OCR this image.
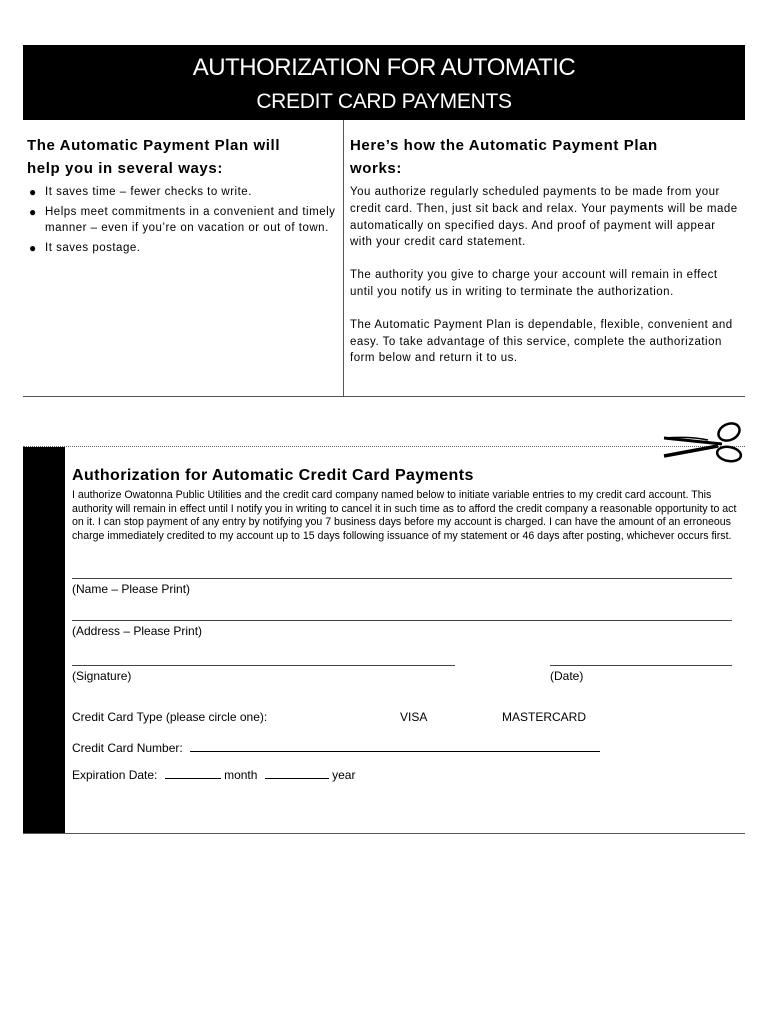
AUTHORIZATION FOR AUTOMATIC
CREDIT CARD PAYMENTS
The Automatic Payment Plan will
help you in several ways:
● It saves time – fewer checks to write.
● Helps meet commitments in a convenient and timely manner – even if you’re on vacation or out of town.
● It saves postage.
Here’s how the Automatic Payment Plan
works:

You authorize regularly scheduled payments to be made from your credit card. Then, just sit back and relax. Your payments will be made automatically on specified days. And proof of payment will appear with your credit card statement.

The authority you give to charge your account will remain in effect until you notify us in writing to terminate the authorization.

The Automatic Payment Plan is dependable, flexible, convenient and easy. To take advantage of this service, complete the authorization form below and return it to us.

Authorization for Automatic Credit Card Payments
I authorize Owatonna Public Utilities and the credit card company named below to initiate variable entries to my credit card account. This authority will remain in effect until I notify you in writing to cancel it in such time as to afford the credit company a reasonable opportunity to act on it. I can stop payment of any entry by notifying you 7 business days before my account is charged. I can have the amount of an erroneous charge immediately credited to my account up to 15 days following issuance of my statement or 46 days after posting, whichever occurs first.
(Name – Please Print)
(Address – Please Print)
(Signature)	(Date)
Credit Card Type (please circle one):	VISA	MASTERCARD
Credit Card Number:
Expiration Date:	month	year
